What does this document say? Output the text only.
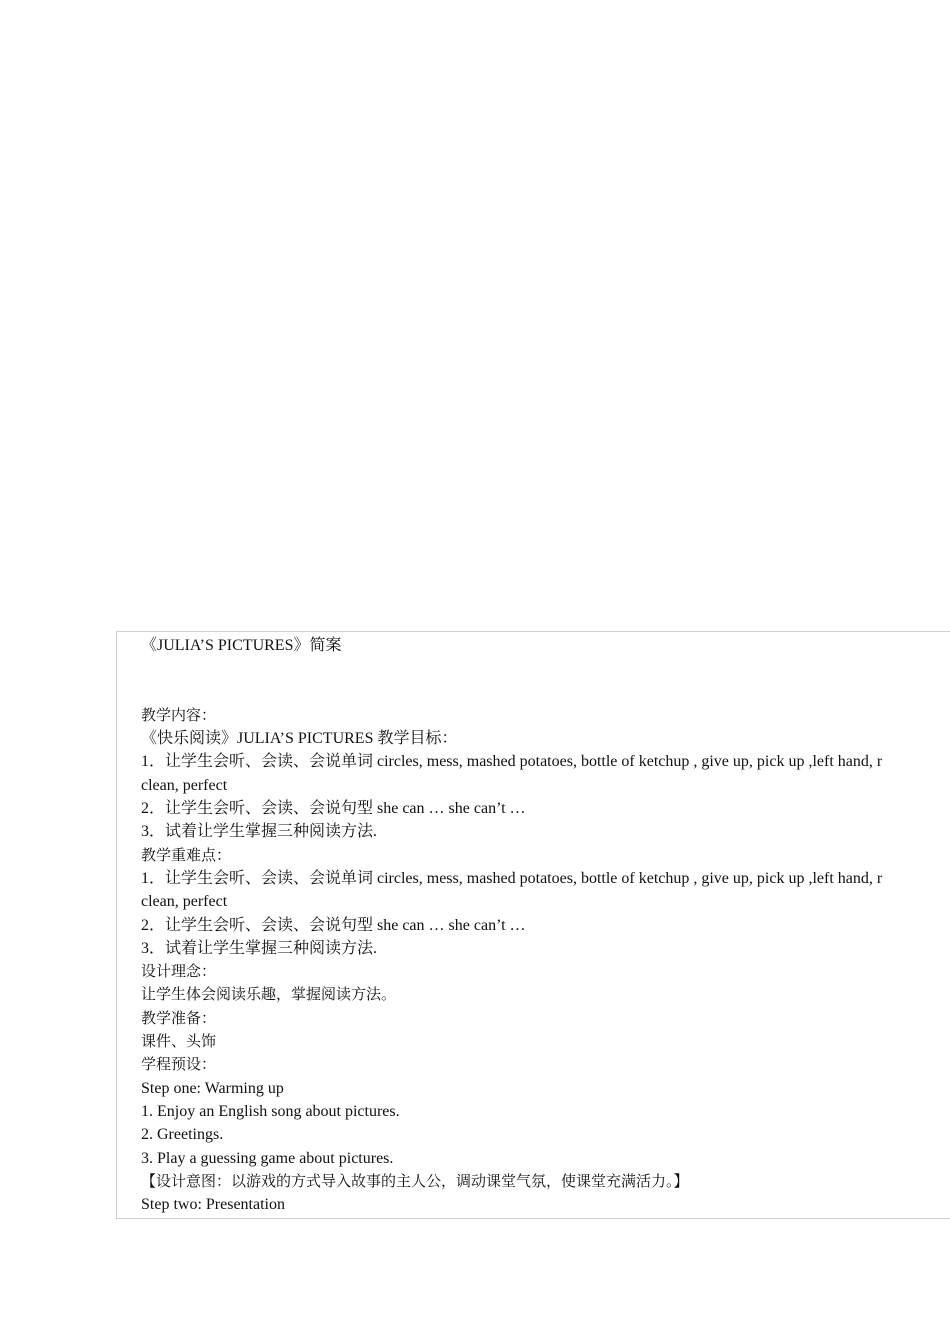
《JULIA’S PICTURES》简案
教学内容：
《快乐阅读》JULIA’S PICTURES 教学目标：
1．让学生会听、会读、会说单词 circles, mess, mashed potatoes, bottle of ketchup , give up, pick up ,left hand, r
clean, perfect
2．让学生会听、会读、会说句型 she can … she can’t …
3．试着让学生掌握三种阅读方法.
教学重难点：
1．让学生会听、会读、会说单词 circles, mess, mashed potatoes, bottle of ketchup , give up, pick up ,left hand, r
clean, perfect
2．让学生会听、会读、会说句型 she can … she can’t …
3．试着让学生掌握三种阅读方法.
设计理念：
让学生体会阅读乐趣，掌握阅读方法。
教学准备：
课件、头饰
学程预设：
Step one: Warming up
1. Enjoy an English song about pictures.
2. Greetings.
3. Play a guessing game about pictures.
【设计意图：以游戏的方式导入故事的主人公，调动课堂气氛，使课堂充满活力。】
Step two: Presentation
